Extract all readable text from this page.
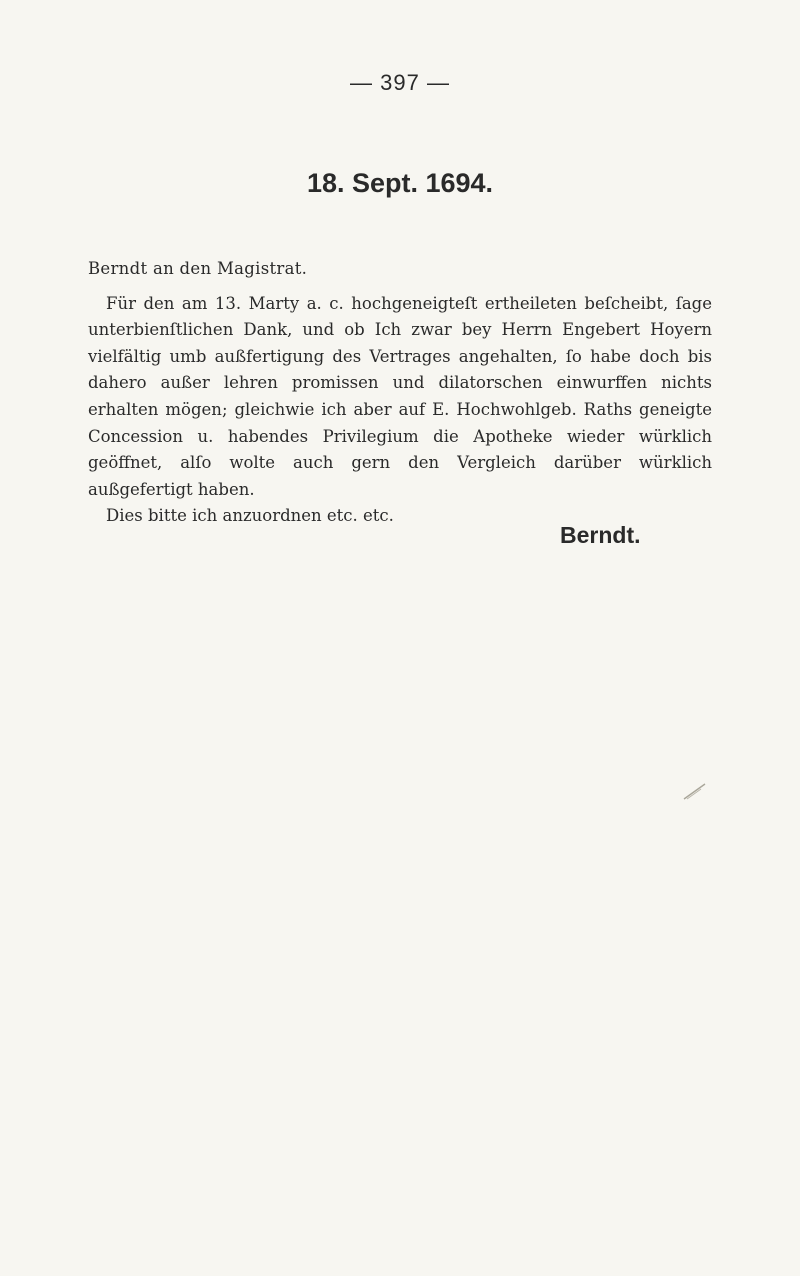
— 397 —
18. Sept. 1694.

Berndt an den Magistrat.

Für den am 13. Marty a. c. hochgeneigteſt ertheileten beſcheibt, ſage unterbienſtlichen Dank, und ob Ich zwar bey Herrn Engebert Hoyern vielfältig umb außfertigung des Vertrages angehalten, ſo habe doch bis dahero außer lehren promissen und dilatorschen einwurffen nichts erhalten mögen; gleichwie ich aber auf E. Hochwohlgeb. Raths geneigte Concession u. habendes Privilegium die Apotheke wieder würklich geöffnet, alſo wolte auch gern den Vergleich darüber würklich außgefertigt haben.

Dies bitte ich anzuordnen etc. etc.

Berndt.
